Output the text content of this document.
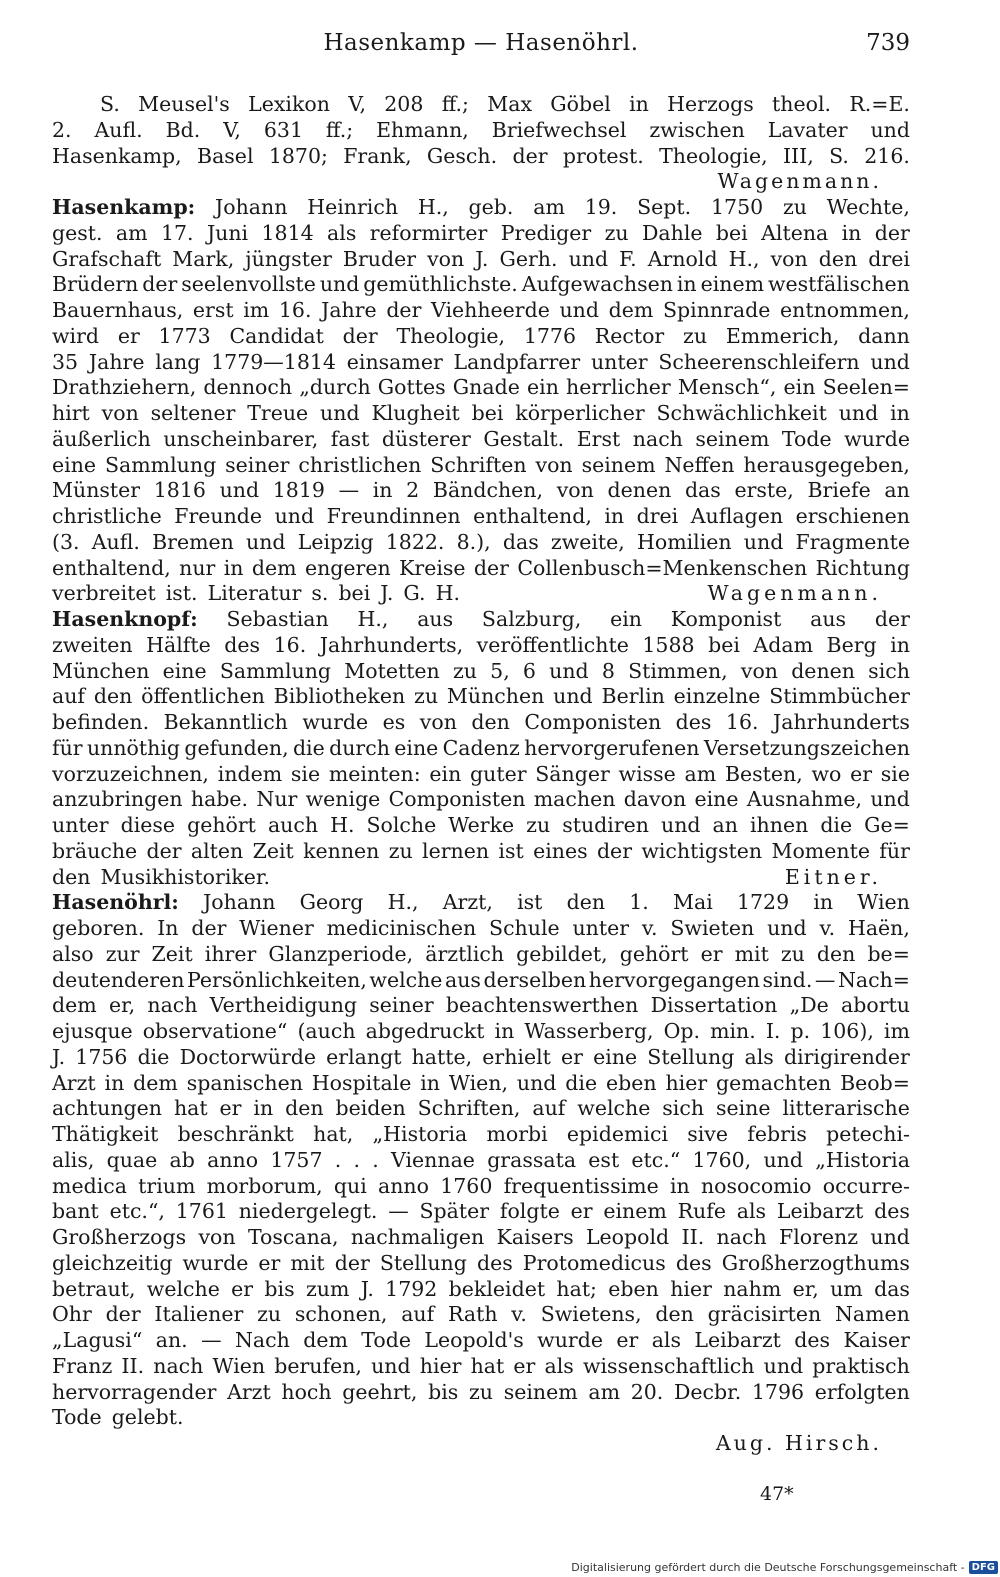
Hasenkamp — Hasenöhrl.	739
S. Meusel's Lexikon V, 208 ff.; Max Göbel in Herzogs theol. R.=E.
2. Aufl. Bd. V, 631 ff.; Ehmann, Briefwechsel zwischen Lavater und
Hasenkamp, Basel 1870; Frank, Gesch. der protest. Theologie, III, S. 216.
Wagenmann.
Hasenkamp: Johann Heinrich H., geb. am 19. Sept. 1750 zu Wechte,
gest. am 17. Juni 1814 als reformirter Prediger zu Dahle bei Altena in der
Grafschaft Mark, jüngster Bruder von J. Gerh. und F. Arnold H., von den drei
Brüdern der seelenvollste und gemüthlichste. Aufgewachsen in einem westfälischen
Bauernhaus, erst im 16. Jahre der Viehheerde und dem Spinnrade entnommen,
wird er 1773 Candidat der Theologie, 1776 Rector zu Emmerich, dann
35 Jahre lang 1779—1814 einsamer Landpfarrer unter Scheerenschleifern und
Drathziehern, dennoch „durch Gottes Gnade ein herrlicher Mensch“, ein Seelen=
hirt von seltener Treue und Klugheit bei körperlicher Schwächlichkeit und in
äußerlich unscheinbarer, fast düsterer Gestalt. Erst nach seinem Tode wurde
eine Sammlung seiner christlichen Schriften von seinem Neffen herausgegeben,
Münster 1816 und 1819 — in 2 Bändchen, von denen das erste, Briefe an
christliche Freunde und Freundinnen enthaltend, in drei Auflagen erschienen
(3. Aufl. Bremen und Leipzig 1822. 8.), das zweite, Homilien und Fragmente
enthaltend, nur in dem engeren Kreise der Collenbusch=Menkenschen Richtung
verbreitet ist. Literatur s. bei J. G. H.	Wagenmann.
Hasenknopf: Sebastian H., aus Salzburg, ein Komponist aus der
zweiten Hälfte des 16. Jahrhunderts, veröffentlichte 1588 bei Adam Berg in
München eine Sammlung Motetten zu 5, 6 und 8 Stimmen, von denen sich
auf den öffentlichen Bibliotheken zu München und Berlin einzelne Stimmbücher
befinden. Bekanntlich wurde es von den Componisten des 16. Jahrhunderts
für unnöthig gefunden, die durch eine Cadenz hervorgerufenen Versetzungszeichen
vorzuzeichnen, indem sie meinten: ein guter Sänger wisse am Besten, wo er sie
anzubringen habe. Nur wenige Componisten machen davon eine Ausnahme, und
unter diese gehört auch H. Solche Werke zu studiren und an ihnen die Ge=
bräuche der alten Zeit kennen zu lernen ist eines der wichtigsten Momente für
den Musikhistoriker.	Eitner.
Hasenöhrl: Johann Georg H., Arzt, ist den 1. Mai 1729 in Wien
geboren. In der Wiener medicinischen Schule unter v. Swieten und v. Haën,
also zur Zeit ihrer Glanzperiode, ärztlich gebildet, gehört er mit zu den be=
deutenderen Persönlichkeiten, welche aus derselben hervorgegangen sind. — Nach=
dem er, nach Vertheidigung seiner beachtenswerthen Dissertation „De abortu
ejusque observatione“ (auch abgedruckt in Wasserberg, Op. min. I. p. 106), im
J. 1756 die Doctorwürde erlangt hatte, erhielt er eine Stellung als dirigirender
Arzt in dem spanischen Hospitale in Wien, und die eben hier gemachten Beob=
achtungen hat er in den beiden Schriften, auf welche sich seine litterarische
Thätigkeit beschränkt hat, „Historia morbi epidemici sive febris petechi-
alis, quae ab anno 1757 . . . Viennae grassata est etc.“ 1760, und „Historia
medica trium morborum, qui anno 1760 frequentissime in nosocomio occurre-
bant etc.“, 1761 niedergelegt. — Später folgte er einem Rufe als Leibarzt des
Großherzogs von Toscana, nachmaligen Kaisers Leopold II. nach Florenz und
gleichzeitig wurde er mit der Stellung des Protomedicus des Großherzogthums
betraut, welche er bis zum J. 1792 bekleidet hat; eben hier nahm er, um das
Ohr der Italiener zu schonen, auf Rath v. Swietens, den gräcisirten Namen
„Lagusi“ an. — Nach dem Tode Leopold's wurde er als Leibarzt des Kaiser
Franz II. nach Wien berufen, und hier hat er als wissenschaftlich und praktisch
hervorragender Arzt hoch geehrt, bis zu seinem am 20. Decbr. 1796 erfolgten
Tode gelebt.
Aug. Hirsch.
47*
Digitalisierung gefördert durch die Deutsche Forschungsgemeinschaft - DFG
